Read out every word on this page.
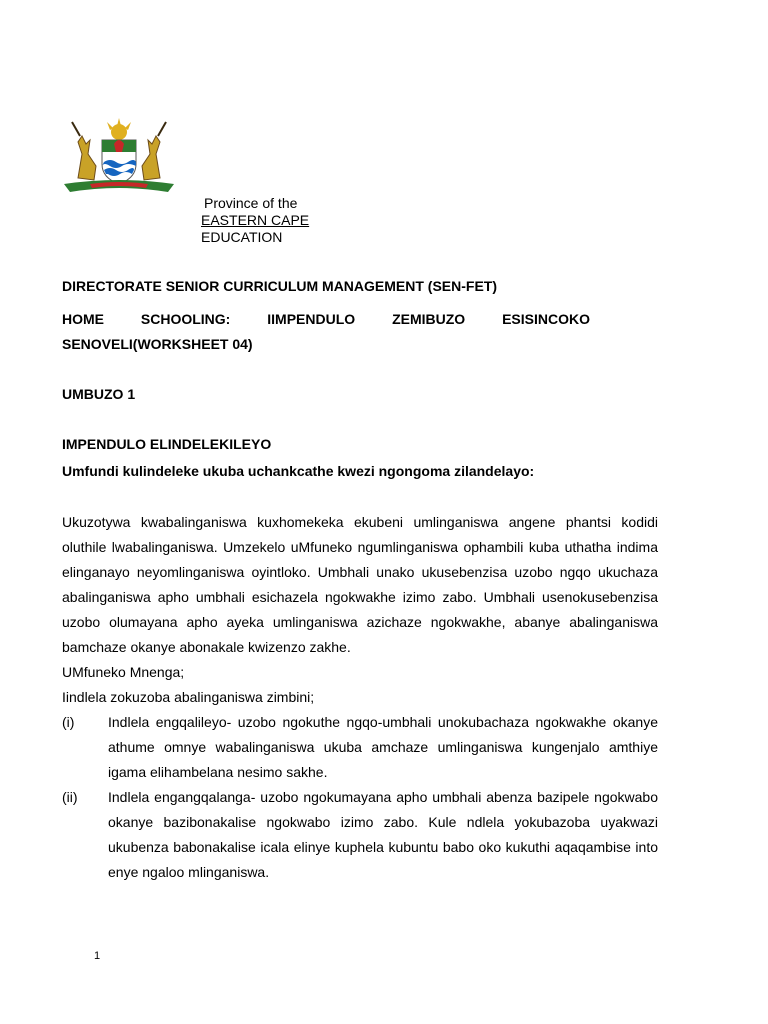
Province of the
EASTERN CAPE
EDUCATION
DIRECTORATE SENIOR CURRICULUM MANAGEMENT (SEN-FET)
HOME	SCHOOLING:	IIMPENDULO	ZEMIBUZO	ESISINCOKO
SENOVELI(WORKSHEET 04)
UMBUZO 1
IMPENDULO ELINDELEKILEYO
Umfundi kulindeleke ukuba uchankcathe kwezi ngongoma zilandelayo:
Ukuzotywa kwabalinganiswa kuxhomekeka ekubeni umlinganiswa angene phantsi kodidi oluthile lwabalinganiswa. Umzekelo uMfuneko ngumlinganiswa ophambili kuba uthatha indima elinganayo neyomlinganiswa oyintloko. Umbhali unako ukusebenzisa uzobo ngqo ukuchaza abalinganiswa apho umbhali esichazela ngokwakhe izimo zabo. Umbhali usenokusebenzisa uzobo olumayana apho ayeka umlinganiswa azichaze ngokwakhe, abanye abalinganiswa bamchaze okanye abonakale kwizenzo zakhe.
UMfuneko Mnenga;
Iindlela zokuzoba abalinganiswa zimbini;
(i)	Indlela engqalileyo- uzobo ngokuthe ngqo-umbhali unokubachaza ngokwakhe okanye athume omnye wabalinganiswa ukuba amchaze umlinganiswa kungenjalo amthiye igama elihambelana nesimo sakhe.
(ii)	Indlela engangqalanga- uzobo ngokumayana apho umbhali abenza bazipele ngokwabo okanye bazibonakalise ngokwabo izimo zabo. Kule ndlela yokubazoba uyakwazi ukubenza babonakalise icala elinye kuphela kubuntu babo oko kukuthi aqaqambise into enye ngaloo mlinganiswa.
1
